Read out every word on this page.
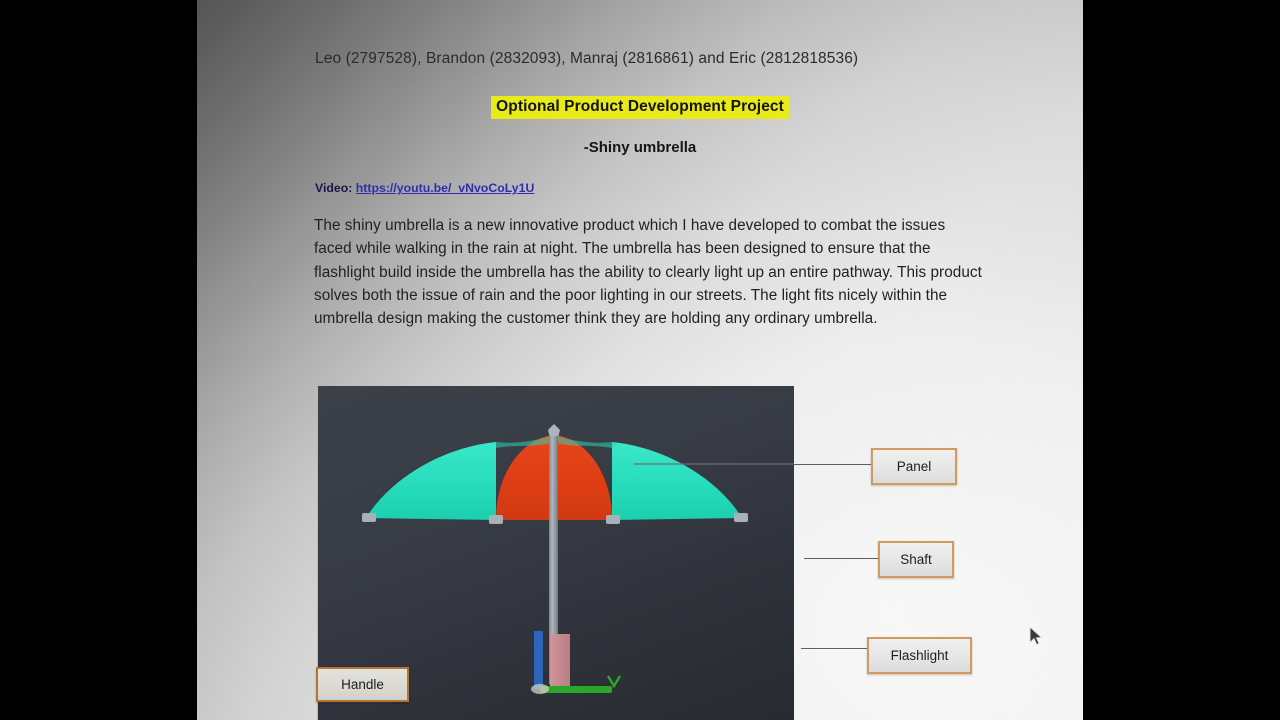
Leo (2797528), Brandon (2832093), Manraj (2816861) and Eric (2812818536)
Optional Product Development Project
-Shiny umbrella
Video: https://youtu.be/_vNvoCoLy1U
The shiny umbrella is a new innovative product which I have developed to combat the issues faced while walking in the rain at night. The umbrella has been designed to ensure that the flashlight build inside the umbrella has the ability to clearly light up an entire pathway. This product solves both the issue of rain and the poor lighting in our streets. The light fits nicely within the umbrella design making the customer think they are holding any ordinary umbrella.
Panel
Shaft
Flashlight
Handle
